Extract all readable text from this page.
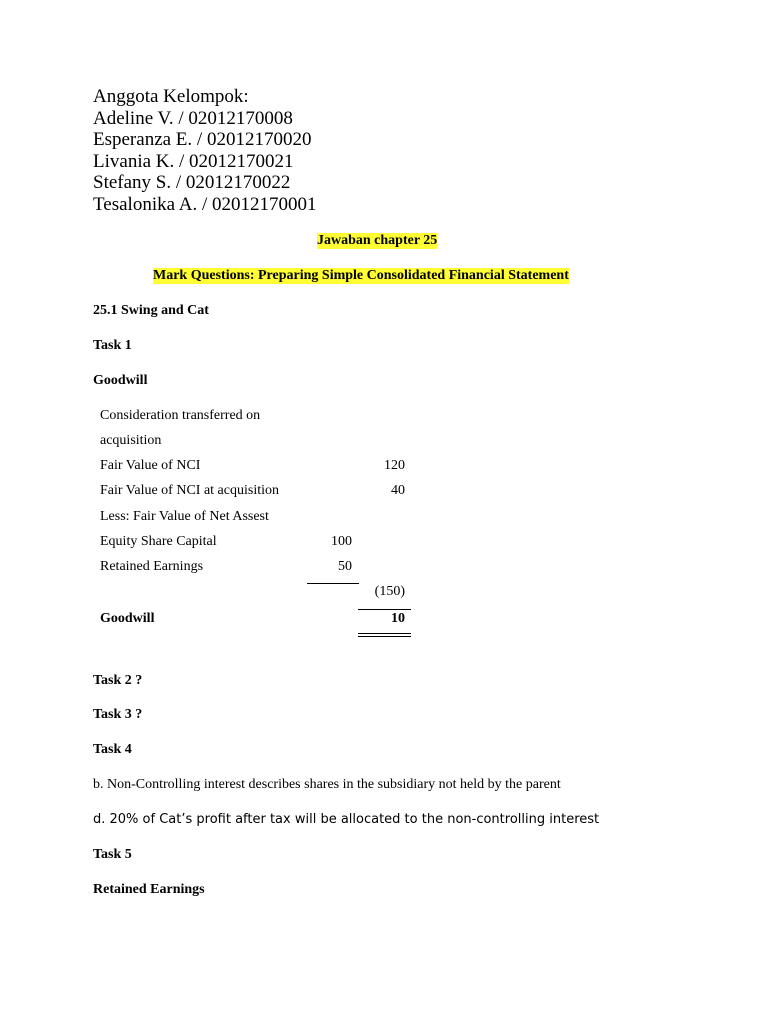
Anggota Kelompok:
Adeline V. / 02012170008
Esperanza E. / 02012170020
Livania K. / 02012170021
Stefany S. / 02012170022
Tesalonika A. / 02012170001
Jawaban chapter 25
Mark Questions: Preparing Simple Consolidated Financial Statement
25.1 Swing and Cat
Task 1
Goodwill
Consideration transferred on
acquisition
Fair Value of NCI	120
Fair Value of NCI at acquisition	40
Less: Fair Value of Net Assest
Equity Share Capital	100
Retained Earnings	50
(150)
Goodwill	10
Task 2 ?
Task 3 ?
Task 4
b. Non-Controlling interest describes shares in the subsidiary not held by the parent
d. 20% of Cat’s profit after tax will be allocated to the non-controlling interest
Task 5
Retained Earnings
